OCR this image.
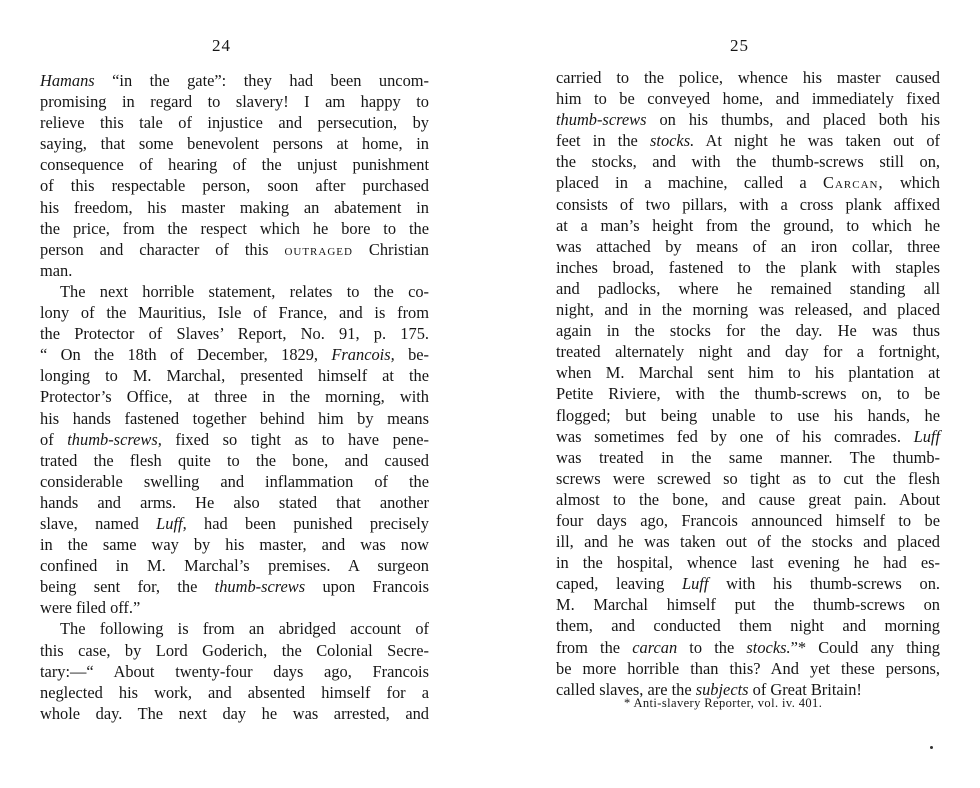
24
Hamans “in the gate”: they had been uncom-
promising in regard to slavery! I am happy to
relieve this tale of injustice and persecution, by
saying, that some benevolent persons at home, in
consequence of hearing of the unjust punishment
of this respectable person, soon after purchased
his freedom, his master making an abatement in
the price, from the respect which he bore to the
person and character of this outraged Christian
man.
The next horrible statement, relates to the co-
lony of the Mauritius, Isle of France, and is from
the Protector of Slaves’ Report, No. 91, p. 175.
“ On the 18th of December, 1829, Francois, be-
longing to M. Marchal, presented himself at the
Protector’s Office, at three in the morning, with
his hands fastened together behind him by means
of thumb-screws, fixed so tight as to have pene-
trated the flesh quite to the bone, and caused
considerable swelling and inflammation of the
hands and arms. He also stated that another
slave, named Luff, had been punished precisely
in the same way by his master, and was now
confined in M. Marchal’s premises. A surgeon
being sent for, the thumb-screws upon Francois
were filed off.”
The following is from an abridged account of
this case, by Lord Goderich, the Colonial Secre-
tary:—“ About twenty-four days ago, Francois
neglected his work, and absented himself for a
whole day. The next day he was arrested, and
25
carried to the police, whence his master caused
him to be conveyed home, and immediately fixed
thumb-screws on his thumbs, and placed both his
feet in the stocks. At night he was taken out of
the stocks, and with the thumb-screws still on,
placed in a machine, called a Carcan, which
consists of two pillars, with a cross plank affixed
at a man’s height from the ground, to which he
was attached by means of an iron collar, three
inches broad, fastened to the plank with staples
and padlocks, where he remained standing all
night, and in the morning was released, and placed
again in the stocks for the day. He was thus
treated alternately night and day for a fortnight,
when M. Marchal sent him to his plantation at
Petite Riviere, with the thumb-screws on, to be
flogged; but being unable to use his hands, he
was sometimes fed by one of his comrades. Luff
was treated in the same manner. The thumb-
screws were screwed so tight as to cut the flesh
almost to the bone, and cause great pain. About
four days ago, Francois announced himself to be
ill, and he was taken out of the stocks and placed
in the hospital, whence last evening he had es-
caped, leaving Luff with his thumb-screws on.
M. Marchal himself put the thumb-screws on
them, and conducted them night and morning
from the carcan to the stocks.”* Could any thing
be more horrible than this? And yet these persons,
called slaves, are the subjects of Great Britain!
* Anti-slavery Reporter, vol. iv. 401.
